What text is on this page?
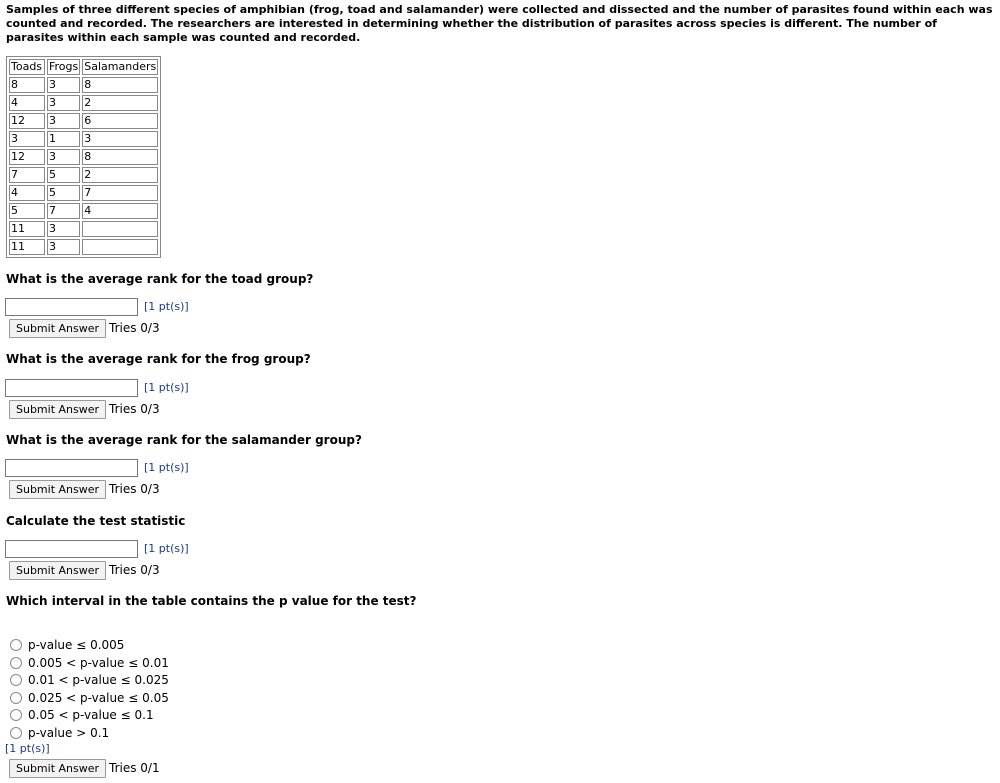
Samples of three different species of amphibian (frog, toad and salamander) were collected and dissected and the number of parasites found within each was counted and recorded. The researchers are interested in determining whether the distribution of parasites across species is different. The number of parasites within each sample was counted and recorded.
Toads	Frogs	Salamanders
8	3	8
4	3	2
12	3	6
3	1	3
12	3	8
7	5	2
4	5	7
5	7	4
11	3	
11	3	
What is the average rank for the toad group?
[1 pt(s)]
Submit Answer Tries 0/3
What is the average rank for the frog group?
[1 pt(s)]
Submit Answer Tries 0/3
What is the average rank for the salamander group?
[1 pt(s)]
Submit Answer Tries 0/3
Calculate the test statistic
[1 pt(s)]
Submit Answer Tries 0/3
Which interval in the table contains the p value for the test?
p-value ≤ 0.005
0.005 < p-value ≤ 0.01
0.01 < p-value ≤ 0.025
0.025 < p-value ≤ 0.05
0.05 < p-value ≤ 0.1
p-value > 0.1
[1 pt(s)]
Submit Answer Tries 0/1
